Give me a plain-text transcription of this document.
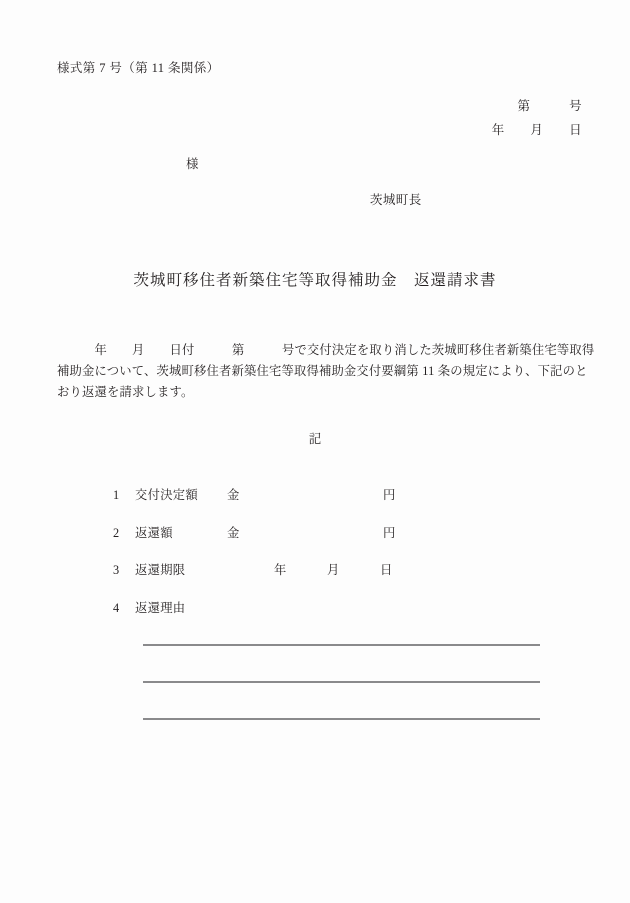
様式第 7 号（第 11 条関係）
第　　　号
年　　月　　日
様
茨城町長
茨城町移住者新築住宅等取得補助金　返還請求書
　　　年　　月　　日付　　　第　　　号で交付決定を取り消した茨城町移住者新築住宅等取得
補助金について、茨城町移住者新築住宅等取得補助金交付要綱第 11 条の規定により、下記のと
おり返還を請求します。
記
1 交付決定額 金	円
2 返還額	金	円
3 返還期限	年	月	日
4 返還理由
